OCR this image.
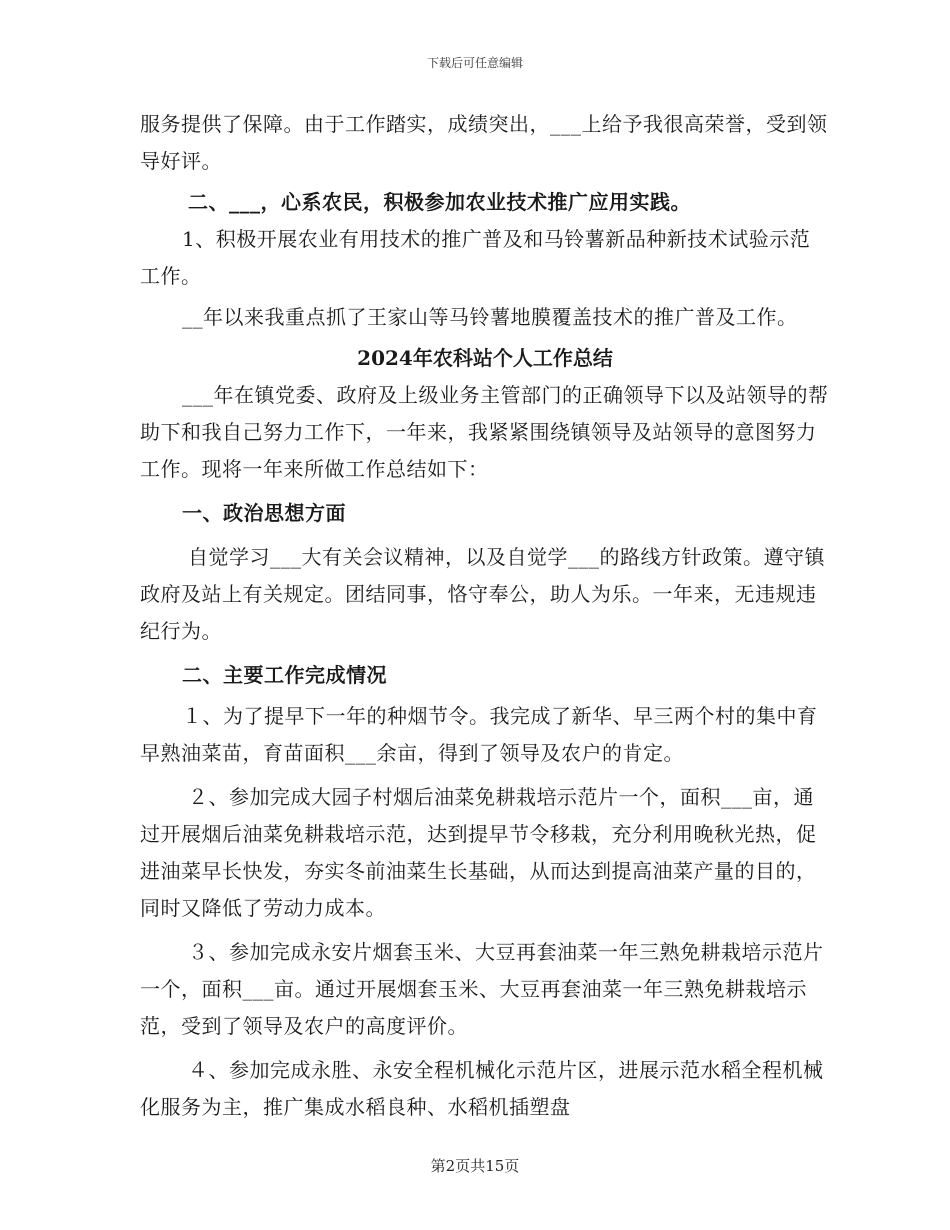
下载后可任意编辑

服务提供了保障。由于工作踏实，成绩突出，___上给予我很高荣誉，受到领导好评。

二、___，心系农民，积极参加农业技术推广应用实践。

1、积极开展农业有用技术的推广普及和马铃薯新品种新技术试验示范工作。

__年以来我重点抓了王家山等马铃薯地膜覆盖技术的推广普及工作。

2024年农科站个人工作总结

___年在镇党委、政府及上级业务主管部门的正确领导下以及站领导的帮助下和我自己努力工作下，一年来，我紧紧围绕镇领导及站领导的意图努力工作。现将一年来所做工作总结如下：

一、政治思想方面

自觉学习___大有关会议精神，以及自觉学___的路线方针政策。遵守镇政府及站上有关规定。团结同事，恪守奉公，助人为乐。一年来，无违规违纪行为。

二、主要工作完成情况

１、为了提早下一年的种烟节令。我完成了新华、早三两个村的集中育早熟油菜苗，育苗面积___余亩，得到了领导及农户的肯定。

２、参加完成大园子村烟后油菜免耕栽培示范片一个，面积___亩，通过开展烟后油菜免耕栽培示范，达到提早节令移栽，充分利用晚秋光热，促进油菜早长快发，夯实冬前油菜生长基础，从而达到提高油菜产量的目的，同时又降低了劳动力成本。

３、参加完成永安片烟套玉米、大豆再套油菜一年三熟免耕栽培示范片一个，面积___亩。通过开展烟套玉米、大豆再套油菜一年三熟免耕栽培示范，受到了领导及农户的高度评价。

４、参加完成永胜、永安全程机械化示范片区，进展示范水稻全程机械化服务为主，推广集成水稻良种、水稻机插塑盘

第2页共15页
